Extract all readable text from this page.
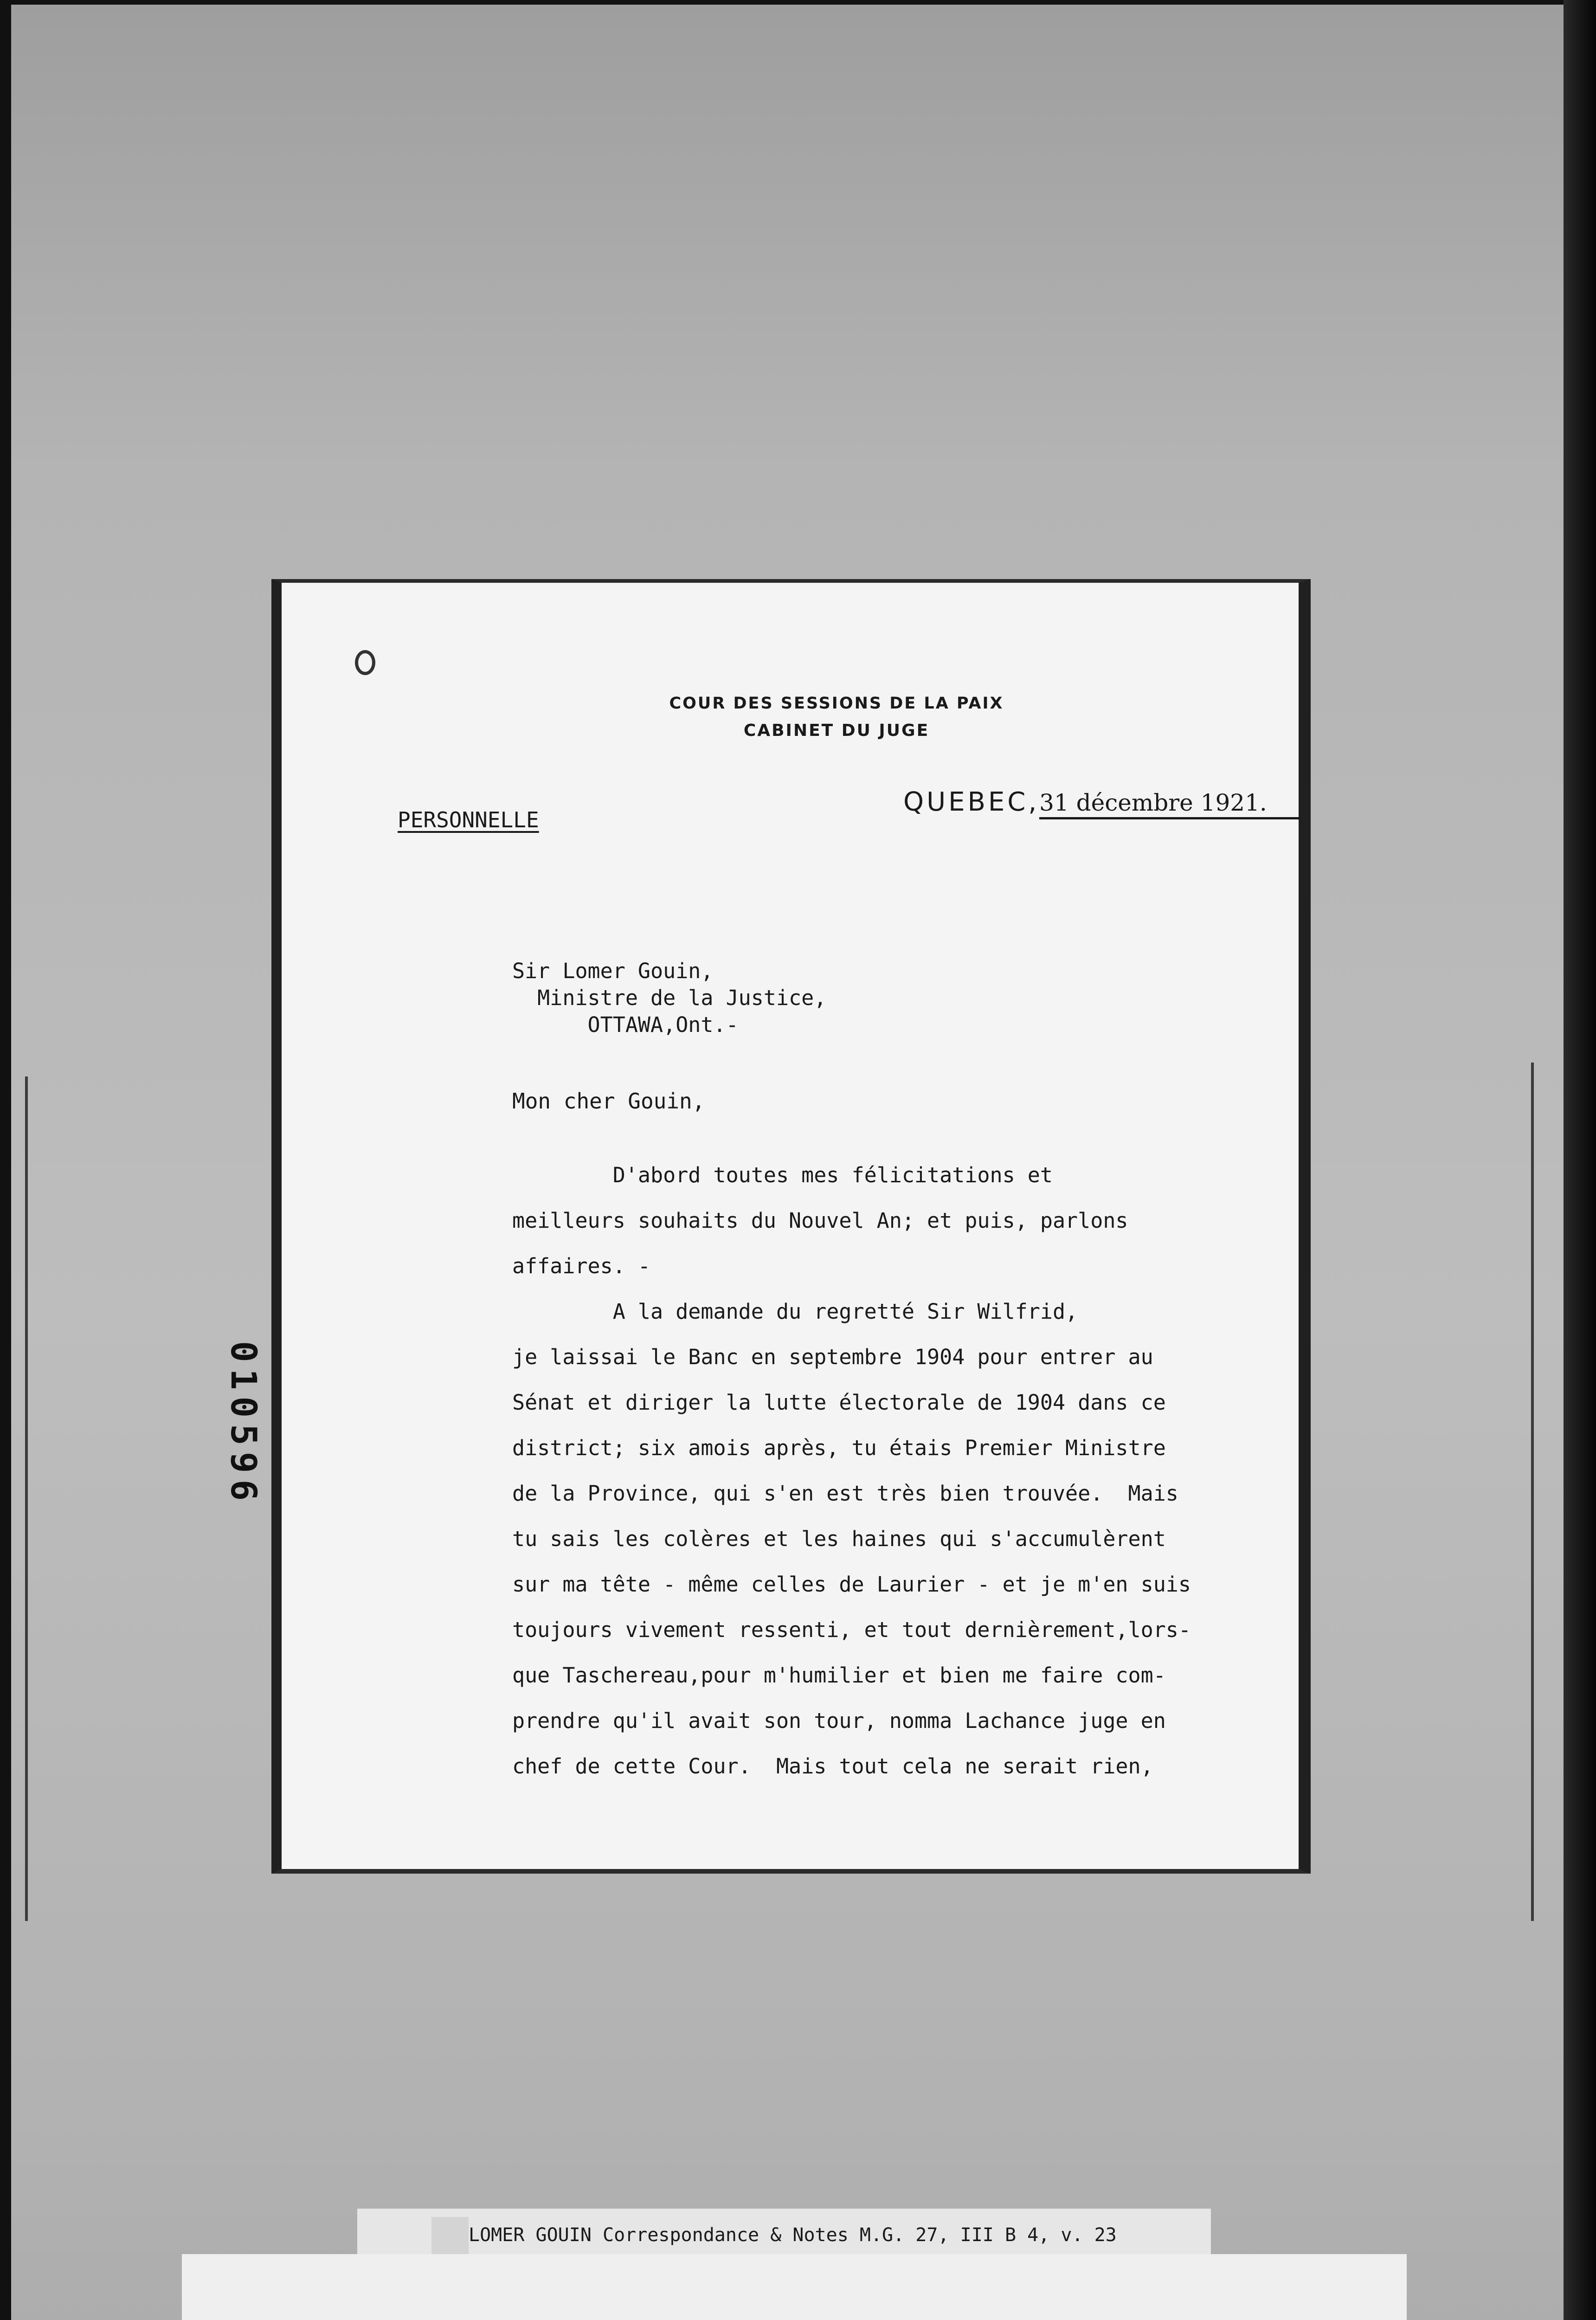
010596
COUR DES SESSIONS DE LA PAIX
CABINET DU JUGE
PERSONNELLE
QUEBEC,31 décembre 1921.
Sir Lomer Gouin,
Ministre de la Justice,
OTTAWA,Ont.-
Mon cher Gouin,
D'abord toutes mes félicitations et
meilleurs souhaits du Nouvel An; et puis, parlons
affaires. -
A la demande du regretté Sir Wilfrid,
je laissai le Banc en septembre 1904 pour entrer au
Sénat et diriger la lutte électorale de 1904 dans ce
district; six amois après, tu étais Premier Ministre
de la Province, qui s'en est très bien trouvée.  Mais
tu sais les colères et les haines qui s'accumulèrent
sur ma tête - même celles de Laurier - et je m'en suis
toujours vivement ressenti, et tout dernièrement,lors-
que Taschereau,pour m'humilier et bien me faire com-
prendre qu'il avait son tour, nomma Lachance juge en
chef de cette Cour.  Mais tout cela ne serait rien,
LOMER GOUIN Correspondance & Notes M.G. 27, III B 4, v. 23
